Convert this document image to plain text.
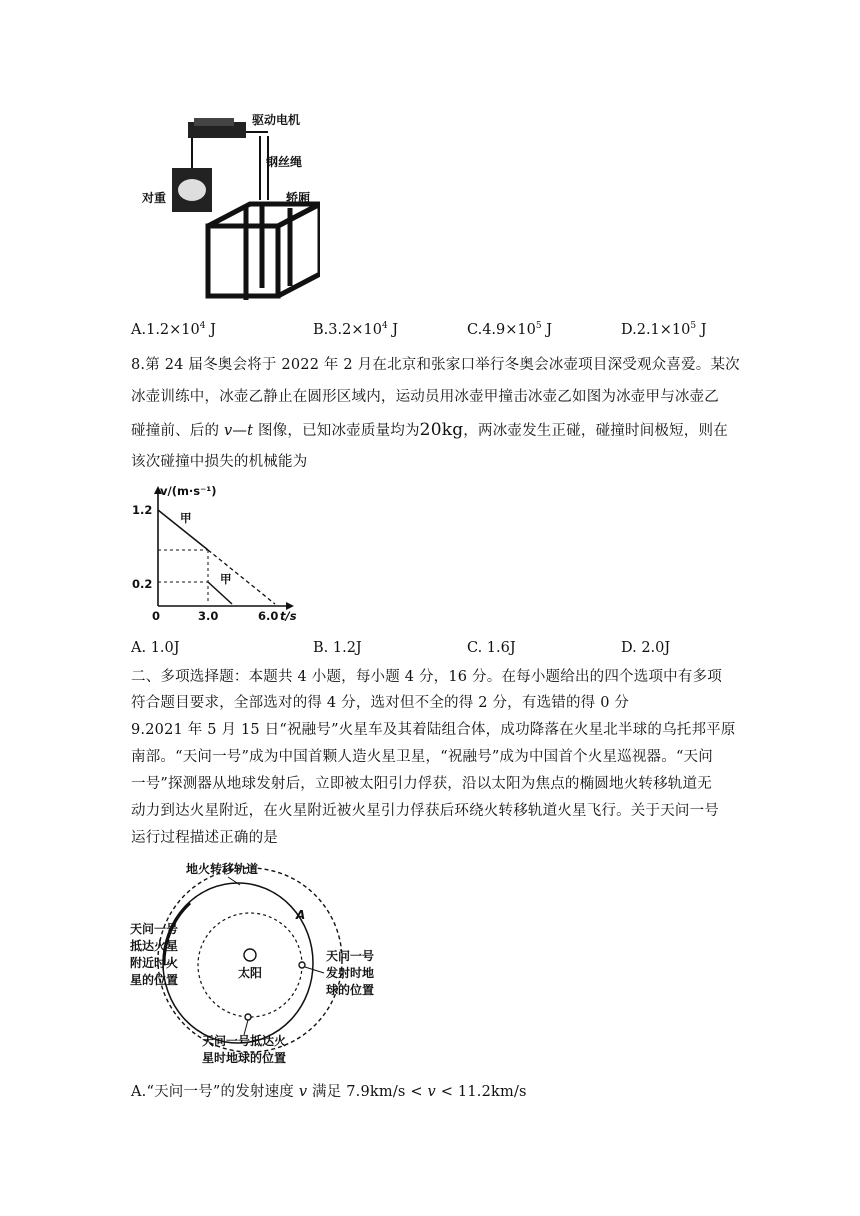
驱动电机
钢丝绳
对重	轿厢
$A.1.2\times 10^4$ J	$B.3.2\times 10^4$ J	$C.4.9\times 10^5$ J	$D.2.1\times 10^5$ J
8.第 24 届冬奥会将于 2022 年 2 月在北京和张家口举行冬奥会冰壶项目深受观众喜爱。某次
冰壶训练中，冰壶乙静止在圆形区域内，运动员用冰壶甲撞击冰壶乙如图为冰壶甲与冰壶乙
碰撞前、后的 v—t 图像，已知冰壶质量均为20kg，两冰壶发生正碰，碰撞时间极短，则在
该次碰撞中损失的机械能为
v/(m·s⁻¹)
1.2
0.2
0	3.0	6.0 t/s
甲
甲
A. 1.0J	B. 1.2J	C. 1.6J	D. 2.0J
二、多项选择题：本题共 4 小题，每小题 4 分，16 分。在每小题给出的四个选项中有多项
符合题目要求，全部选对的得 4 分，选对但不全的得 2 分，有选错的得 0 分
9.2021 年 5 月 15 日“祝融号”火星车及其着陆组合体，成功降落在火星北半球的乌托邦平原
南部。“天问一号”成为中国首颗人造火星卫星，“祝融号”成为中国首个火星巡视器。“天问
一号”探测器从地球发射后，立即被太阳引力俘获，沿以太阳为焦点的椭圆地火转移轨道无
动力到达火星附近，在火星附近被火星引力俘获后环绕火转移轨道火星飞行。关于天问一号
运行过程描述正确的是
太阳
A
地火转移轨道
天问一号
抵达火星
附近时火
星的位置
天问一号
发射时地
球的位置
天问一号抵达火
星时地球的位置
A.“天问一号”的发射速度 v 满足 7.9km/s < v < 11.2km/s
